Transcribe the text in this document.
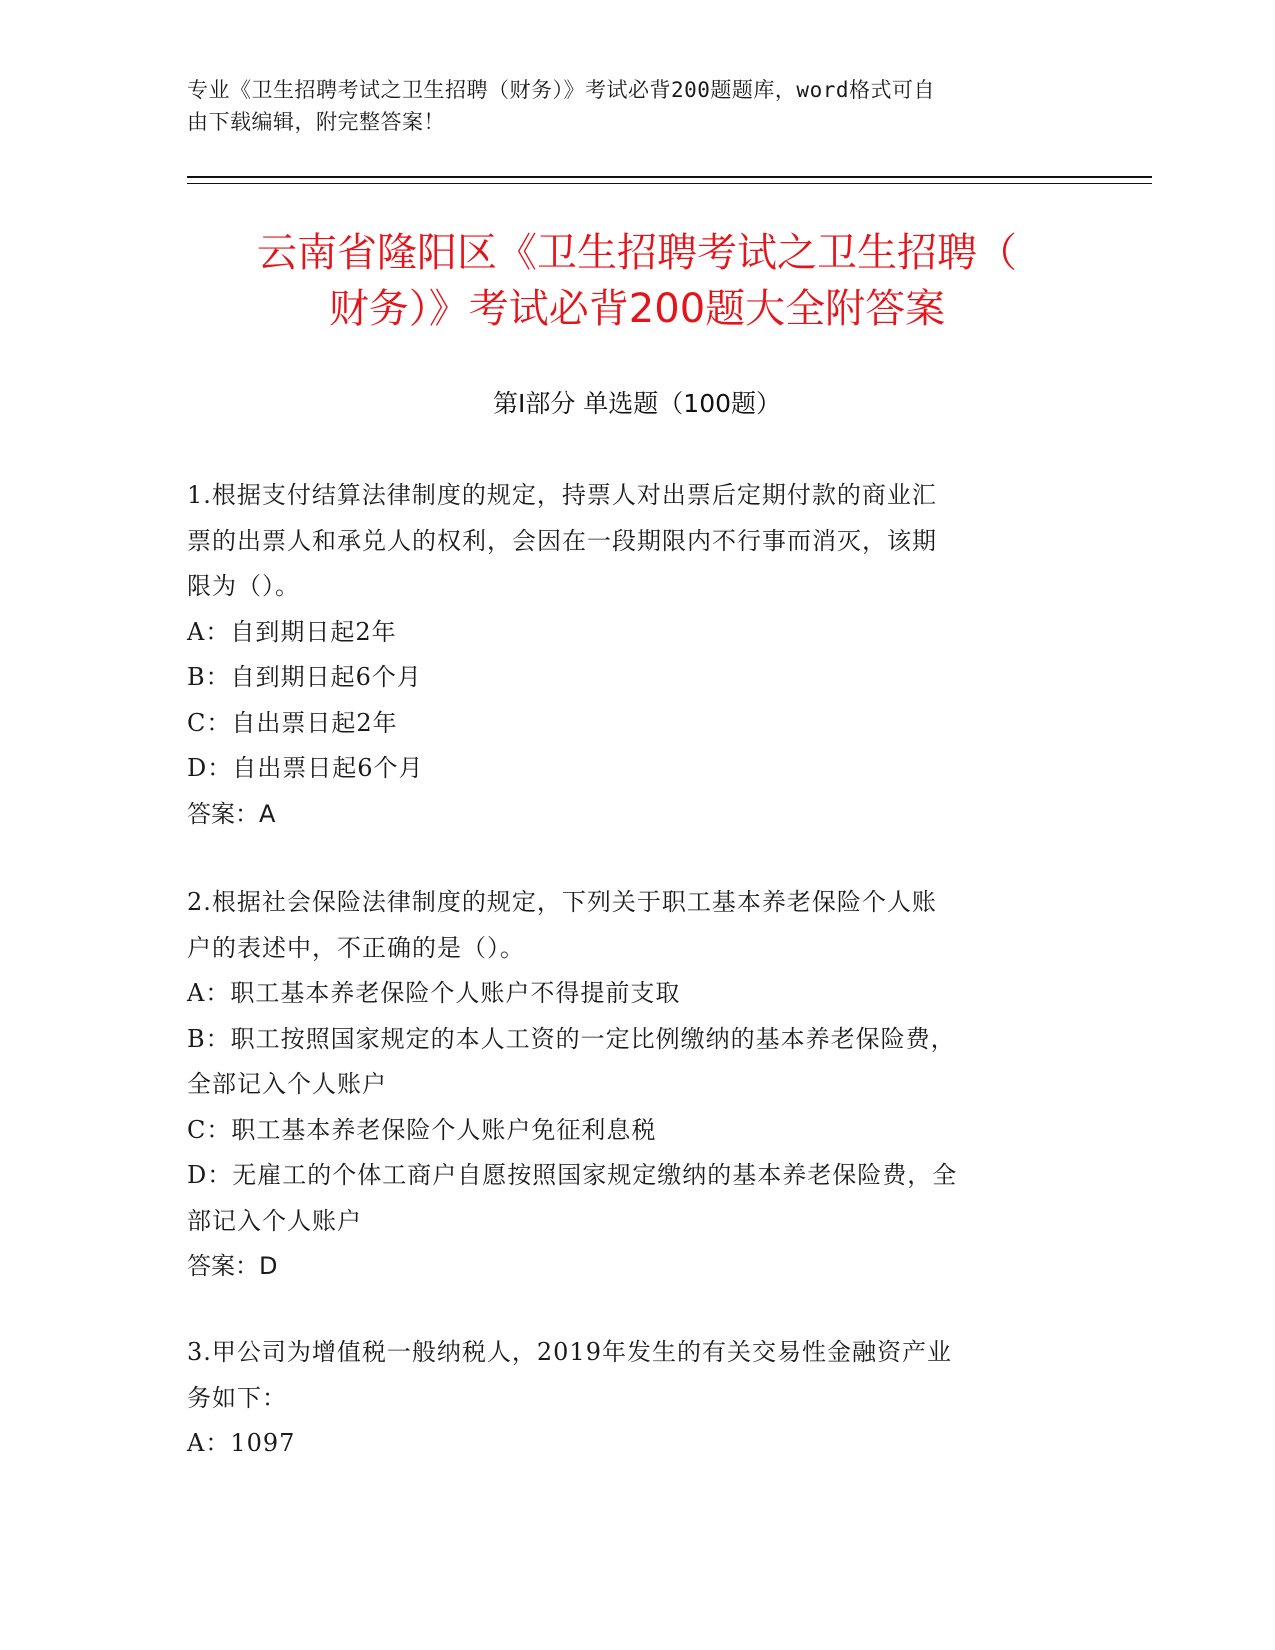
专业《卫生招聘考试之卫生招聘（财务）》考试必背200题题库，word格式可自
由下载编辑，附完整答案！
云南省隆阳区《卫生招聘考试之卫生招聘（
财务）》考试必背200题大全附答案
第Ⅰ部分 单选题（100题）
1.根据支付结算法律制度的规定，持票人对出票后定期付款的商业汇
票的出票人和承兑人的权利，会因在一段期限内不行事而消灭，该期
限为（）。
A：自到期日起2年
B：自到期日起6个月
C：自出票日起2年
D：自出票日起6个月
答案：A
2.根据社会保险法律制度的规定，下列关于职工基本养老保险个人账
户的表述中，不正确的是（）。
A：职工基本养老保险个人账户不得提前支取
B：职工按照国家规定的本人工资的一定比例缴纳的基本养老保险费，
全部记入个人账户
C：职工基本养老保险个人账户免征利息税
D：无雇工的个体工商户自愿按照国家规定缴纳的基本养老保险费，全
部记入个人账户
答案：D
3.甲公司为增值税一般纳税人，2019年发生的有关交易性金融资产业
务如下：
A：1097
